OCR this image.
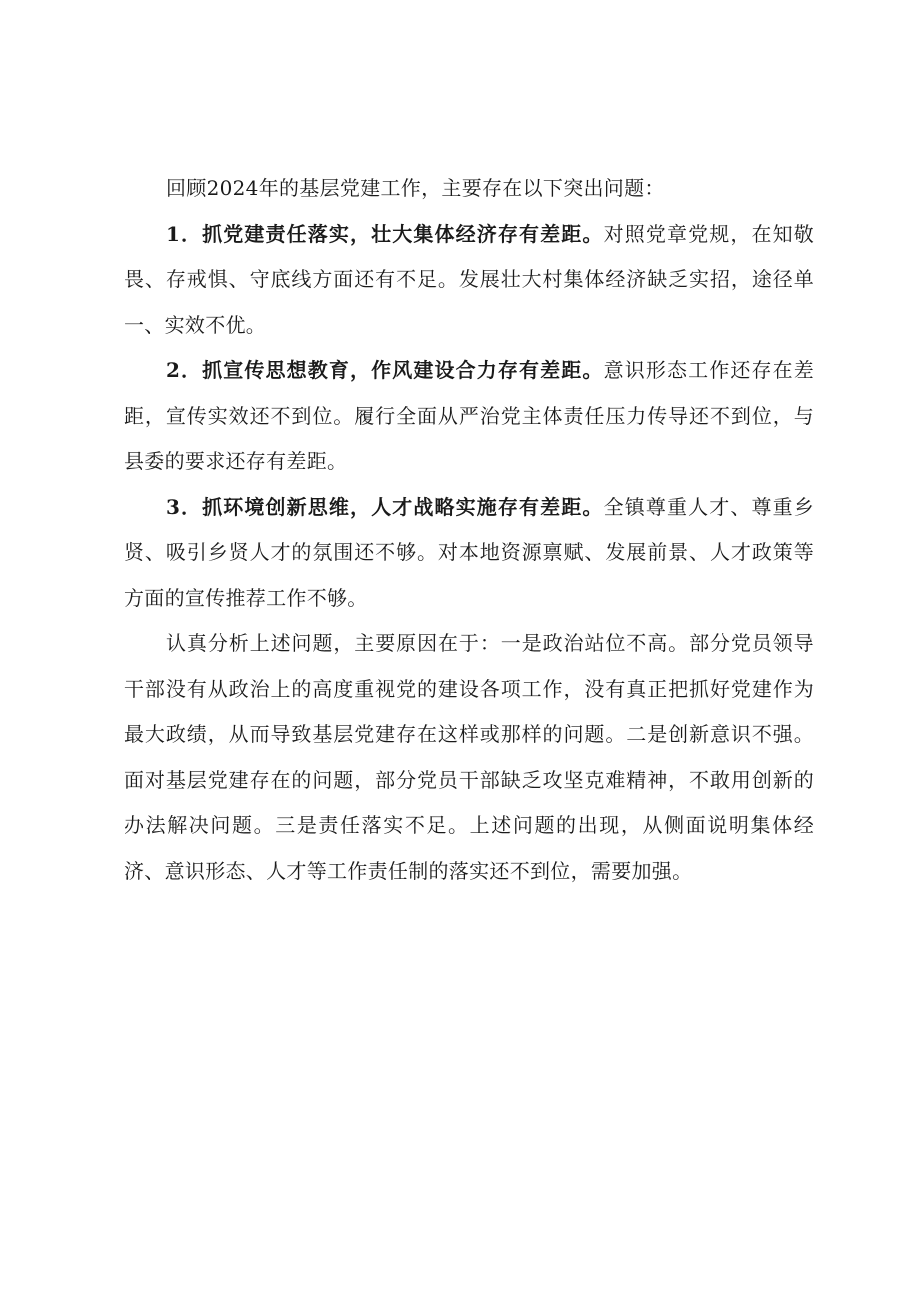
回顾2024年的基层党建工作，主要存在以下突出问题：

1．抓党建责任落实，壮大集体经济存有差距。对照党章党规，在知敬畏、存戒惧、守底线方面还有不足。发展壮大村集体经济缺乏实招，途径单一、实效不优。

2．抓宣传思想教育，作风建设合力存有差距。意识形态工作还存在差距，宣传实效还不到位。履行全面从严治党主体责任压力传导还不到位，与县委的要求还存有差距。

3．抓环境创新思维，人才战略实施存有差距。全镇尊重人才、尊重乡贤、吸引乡贤人才的氛围还不够。对本地资源禀赋、发展前景、人才政策等方面的宣传推荐工作不够。

认真分析上述问题，主要原因在于：一是政治站位不高。部分党员领导干部没有从政治上的高度重视党的建设各项工作，没有真正把抓好党建作为最大政绩，从而导致基层党建存在这样或那样的问题。二是创新意识不强。面对基层党建存在的问题，部分党员干部缺乏攻坚克难精神，不敢用创新的办法解决问题。三是责任落实不足。上述问题的出现，从侧面说明集体经济、意识形态、人才等工作责任制的落实还不到位，需要加强。
